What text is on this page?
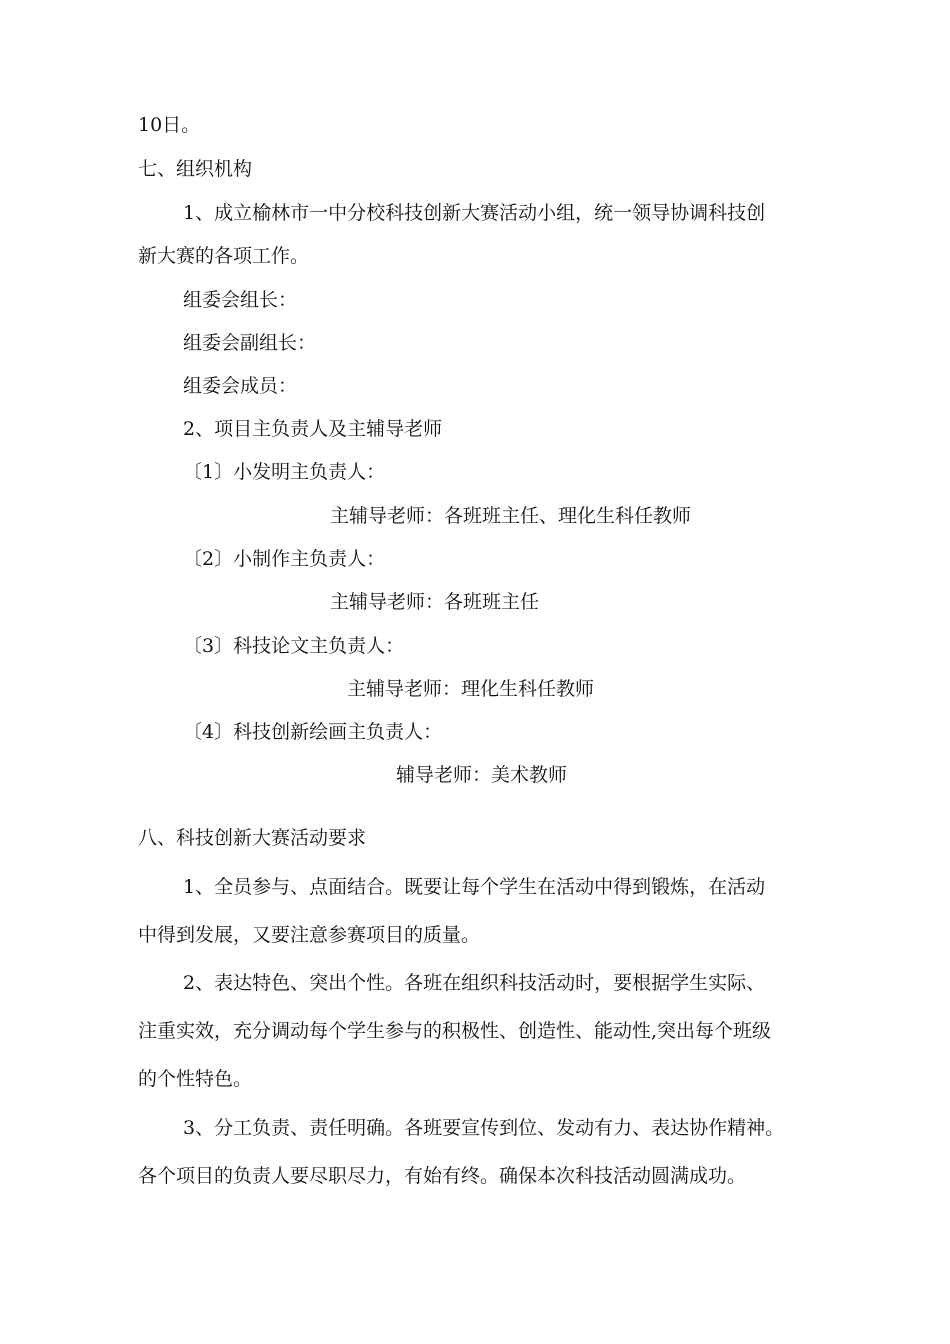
10日。
七、组织机构
1、成立榆林市一中分校科技创新大赛活动小组，统一领导协调科技创
新大赛的各项工作。
组委会组长：
组委会副组长：
组委会成员：
2、项目主负责人及主辅导老师
〔1〕小发明主负责人：
主辅导老师：各班班主任、理化生科任教师
〔2〕小制作主负责人：
主辅导老师：各班班主任
〔3〕科技论文主负责人：
主辅导老师：理化生科任教师
〔4〕科技创新绘画主负责人：
辅导老师：美术教师
八、科技创新大赛活动要求
1、全员参与、点面结合。既要让每个学生在活动中得到锻炼，在活动
中得到发展，又要注意参赛项目的质量。
2、表达特色、突出个性。各班在组织科技活动时，要根据学生实际、
注重实效，充分调动每个学生参与的积极性、创造性、能动性,突出每个班级
的个性特色。
3、分工负责、责任明确。各班要宣传到位、发动有力、表达协作精神。
各个项目的负责人要尽职尽力，有始有终。确保本次科技活动圆满成功。
